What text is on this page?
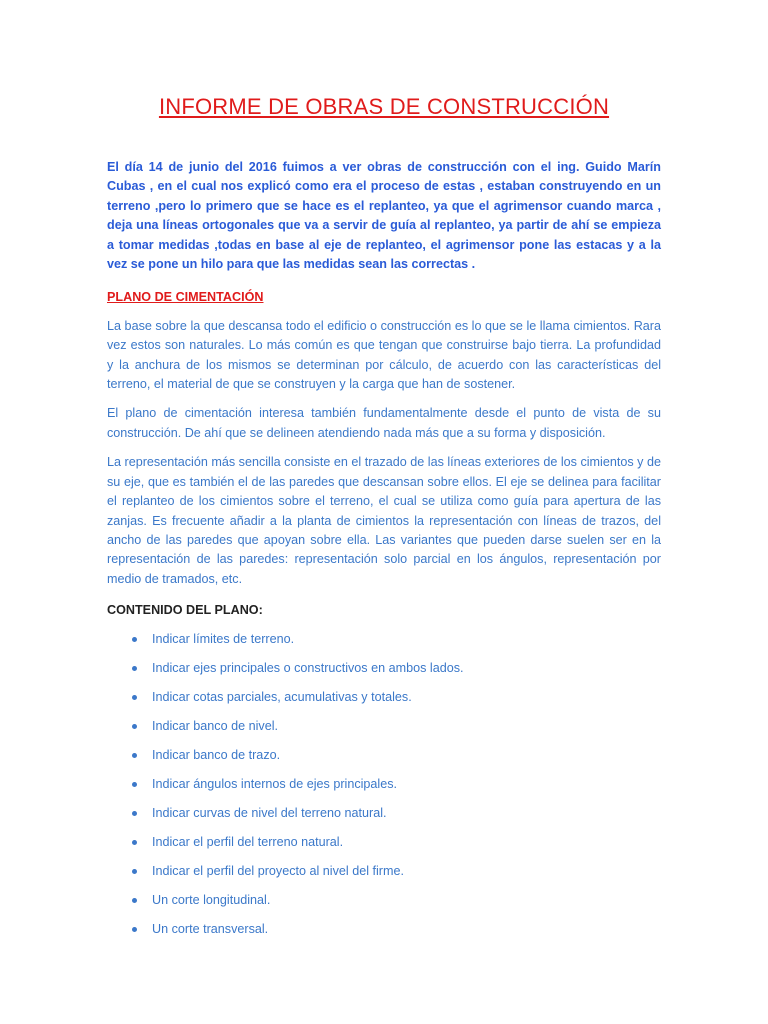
INFORME DE OBRAS DE CONSTRUCCIÓN

El día 14 de junio del 2016 fuimos a ver obras de construcción con el ing. Guido Marín Cubas , en el cual nos explicó como era el proceso de estas , estaban construyendo en un terreno ,pero lo primero que se hace es el replanteo, ya que el agrimensor cuando marca , deja una líneas ortogonales que va a servir de guía al replanteo, ya partir de ahí se empieza a tomar medidas ,todas en base al eje de replanteo, el agrimensor pone las estacas y a la vez se pone un hilo para que las medidas sean las correctas .

PLANO DE CIMENTACIÓN

La base sobre la que descansa todo el edificio o construcción es lo que se le llama cimientos. Rara vez estos son naturales. Lo más común es que tengan que construirse bajo tierra. La profundidad y la anchura de los mismos se determinan por cálculo, de acuerdo con las características del terreno, el material de que se construyen y la carga que han de sostener.

El plano de cimentación interesa también fundamentalmente desde el punto de vista de su construcción. De ahí que se delineen atendiendo nada más que a su forma y disposición.

La representación más sencilla consiste en el trazado de las líneas exteriores de los cimientos y de su eje, que es también el de las paredes que descansan sobre ellos. El eje se delinea para facilitar el replanteo de los cimientos sobre el terreno, el cual se utiliza como guía para apertura de las zanjas. Es frecuente añadir a la planta de cimientos la representación con líneas de trazos, del ancho de las paredes que apoyan sobre ella. Las variantes que pueden darse suelen ser en la representación de las paredes: representación solo parcial en los ángulos, representación por medio de tramados, etc.

CONTENIDO DEL PLANO:
Indicar límites de terreno.
Indicar ejes principales o constructivos en ambos lados.
Indicar cotas parciales, acumulativas y totales.
Indicar banco de nivel.
Indicar banco de trazo.
Indicar ángulos internos de ejes principales.
Indicar curvas de nivel del terreno natural.
Indicar el perfil del terreno natural.
Indicar el perfil del proyecto al nivel del firme.
Un corte longitudinal.
Un corte transversal.
